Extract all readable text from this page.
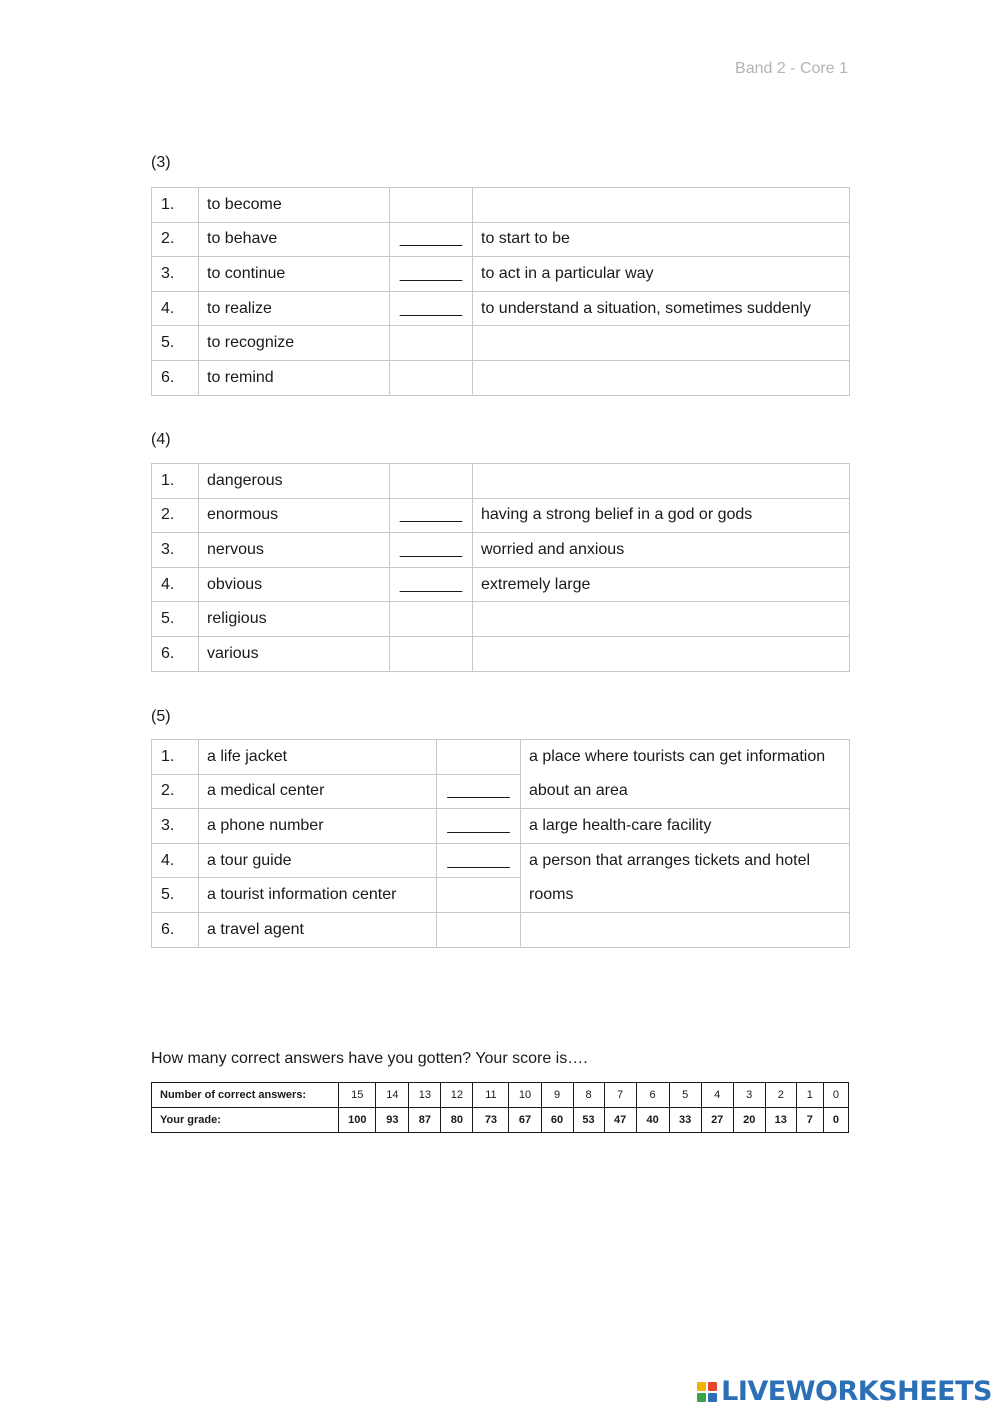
Band 2 - Core 1
(3)
1.	to become		
2.	to behave	_______	to start to be
3.	to continue	_______	to act in a particular way
4.	to realize	_______	to understand a situation, sometimes suddenly
5.	to recognize		
6.	to remind		
(4)
1.	dangerous		
2.	enormous	_______	having a strong belief in a god or gods
3.	nervous	_______	worried and anxious
4.	obvious	_______	extremely large
5.	religious		
6.	various		
(5)
1.	a life jacket		a place where tourists can get information about an area
2.	a medical center	_______	
3.	a phone number	_______	a large health-care facility
4.	a tour guide	_______	a person that arranges tickets and hotel rooms
5.	a tourist information center		
6.	a travel agent		
How many correct answers have you gotten? Your score is….
Number of correct answers:	15	14	13	12	11	10	9	8	7	6	5	4	3	2	1	0
Your grade:	100	93	87	80	73	67	60	53	47	40	33	27	20	13	7	0
LIVEWORKSHEETS
